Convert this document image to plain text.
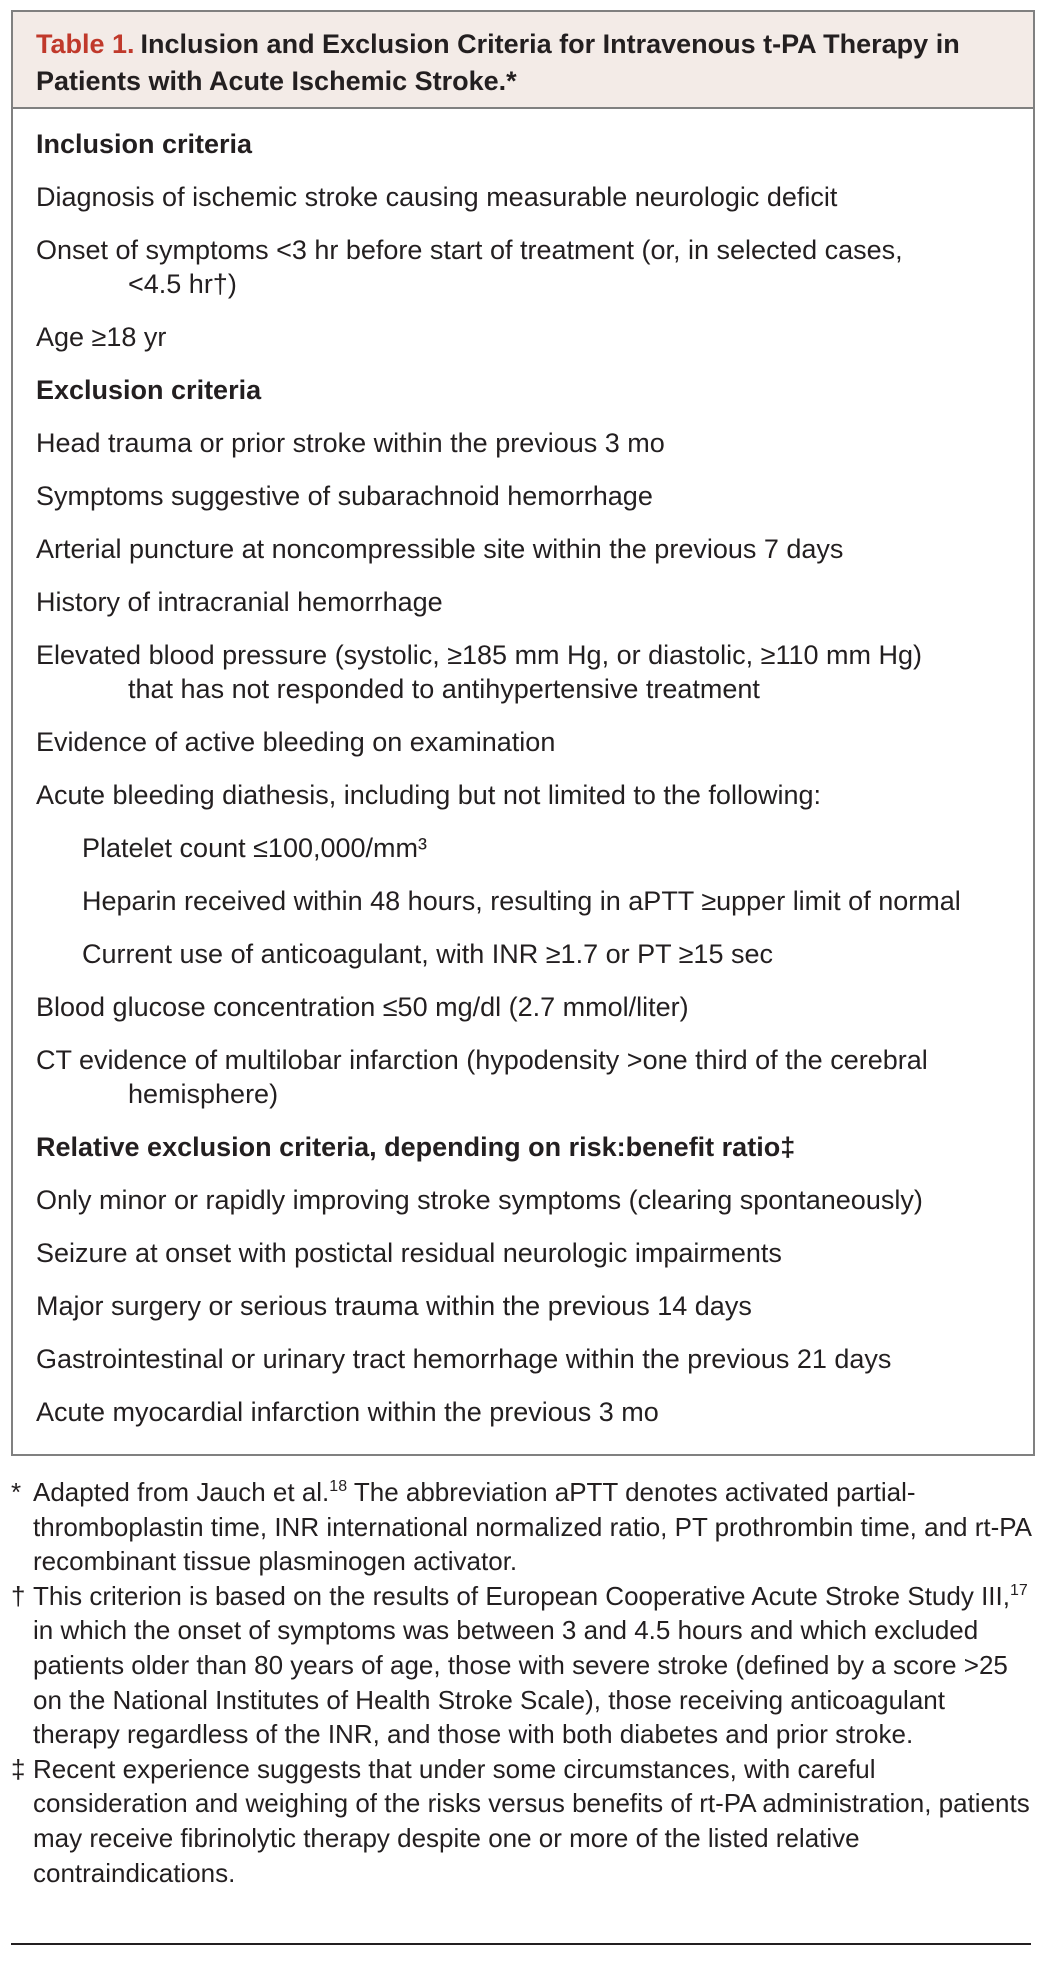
Table 1. Inclusion and Exclusion Criteria for Intravenous t-PA Therapy in Patients with Acute Ischemic Stroke.*

Inclusion criteria
Diagnosis of ischemic stroke causing measurable neurologic deficit
Onset of symptoms <3 hr before start of treatment (or, in selected cases,
<4.5 hr†)
Age ≥18 yr
Exclusion criteria
Head trauma or prior stroke within the previous 3 mo
Symptoms suggestive of subarachnoid hemorrhage
Arterial puncture at noncompressible site within the previous 7 days
History of intracranial hemorrhage
Elevated blood pressure (systolic, ≥185 mm Hg, or diastolic, ≥110 mm Hg)
that has not responded to antihypertensive treatment
Evidence of active bleeding on examination
Acute bleeding diathesis, including but not limited to the following:
Platelet count ≤100,000/mm³
Heparin received within 48 hours, resulting in aPTT ≥upper limit of normal
Current use of anticoagulant, with INR ≥1.7 or PT ≥15 sec
Blood glucose concentration ≤50 mg/dl (2.7 mmol/liter)
CT evidence of multilobar infarction (hypodensity >one third of the cerebral
hemisphere)
Relative exclusion criteria, depending on risk:benefit ratio‡
Only minor or rapidly improving stroke symptoms (clearing spontaneously)
Seizure at onset with postictal residual neurologic impairments
Major surgery or serious trauma within the previous 14 days
Gastrointestinal or urinary tract hemorrhage within the previous 21 days
Acute myocardial infarction within the previous 3 mo

* Adapted from Jauch et al.$^{18}$ The abbreviation aPTT denotes activated partial-thromboplastin time, INR international normalized ratio, PT prothrombin time, and rt-PA recombinant tissue plasminogen activator.

† This criterion is based on the results of European Cooperative Acute Stroke Study III,$^{17}$ in which the onset of symptoms was between 3 and 4.5 hours and which excluded patients older than 80 years of age, those with severe stroke (defined by a score >25 on the National Institutes of Health Stroke Scale), those receiving anticoagulant therapy regardless of the INR, and those with both diabetes and prior stroke.

‡ Recent experience suggests that under some circumstances, with careful consideration and weighing of the risks versus benefits of rt-PA administration, patients may receive fibrinolytic therapy despite one or more of the listed relative contraindications.
